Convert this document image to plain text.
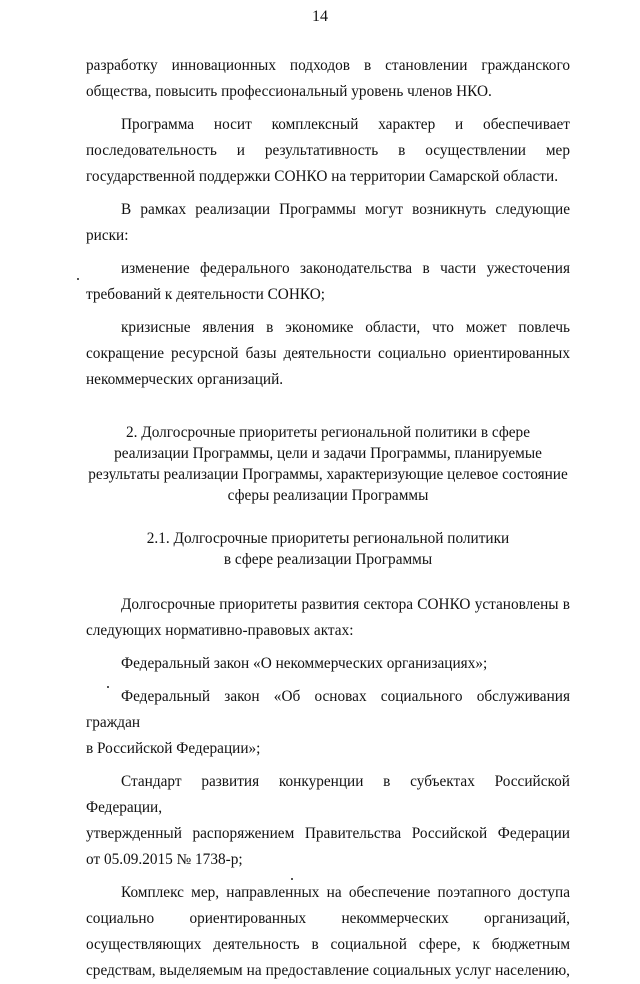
14
разработку инновационных подходов в становлении гражданского
общества, повысить профессиональный уровень членов НКО.
Программа носит комплексный характер и обеспечивает
последовательность и результативность в осуществлении мер
государственной поддержки СОНКО на территории Самарской области.
В рамках реализации Программы могут возникнуть следующие
риски:
изменение федерального законодательства в части ужесточения
требований к деятельности СОНКО;
кризисные явления в экономике области, что может повлечь
сокращение ресурсной базы деятельности социально ориентированных
некоммерческих организаций.
2. Долгосрочные приоритеты региональной политики в сфере
реализации Программы, цели и задачи Программы, планируемые
результаты реализации Программы, характеризующие целевое состояние
сферы реализации Программы
2.1. Долгосрочные приоритеты региональной политики
в сфере реализации Программы
Долгосрочные приоритеты развития сектора СОНКО установлены в
следующих нормативно-правовых актах:
Федеральный закон «О некоммерческих организациях»;
Федеральный закон «Об основах социального обслуживания граждан
в Российской Федерации»;
Стандарт развития конкуренции в субъектах Российской Федерации,
утвержденный распоряжением Правительства Российской Федерации
от 05.09.2015 № 1738-р;
Комплекс мер, направленных на обеспечение поэтапного доступа
социально ориентированных некоммерческих организаций,
осуществляющих деятельность в социальной сфере, к бюджетным
средствам, выделяемым на предоставление социальных услуг населению,
